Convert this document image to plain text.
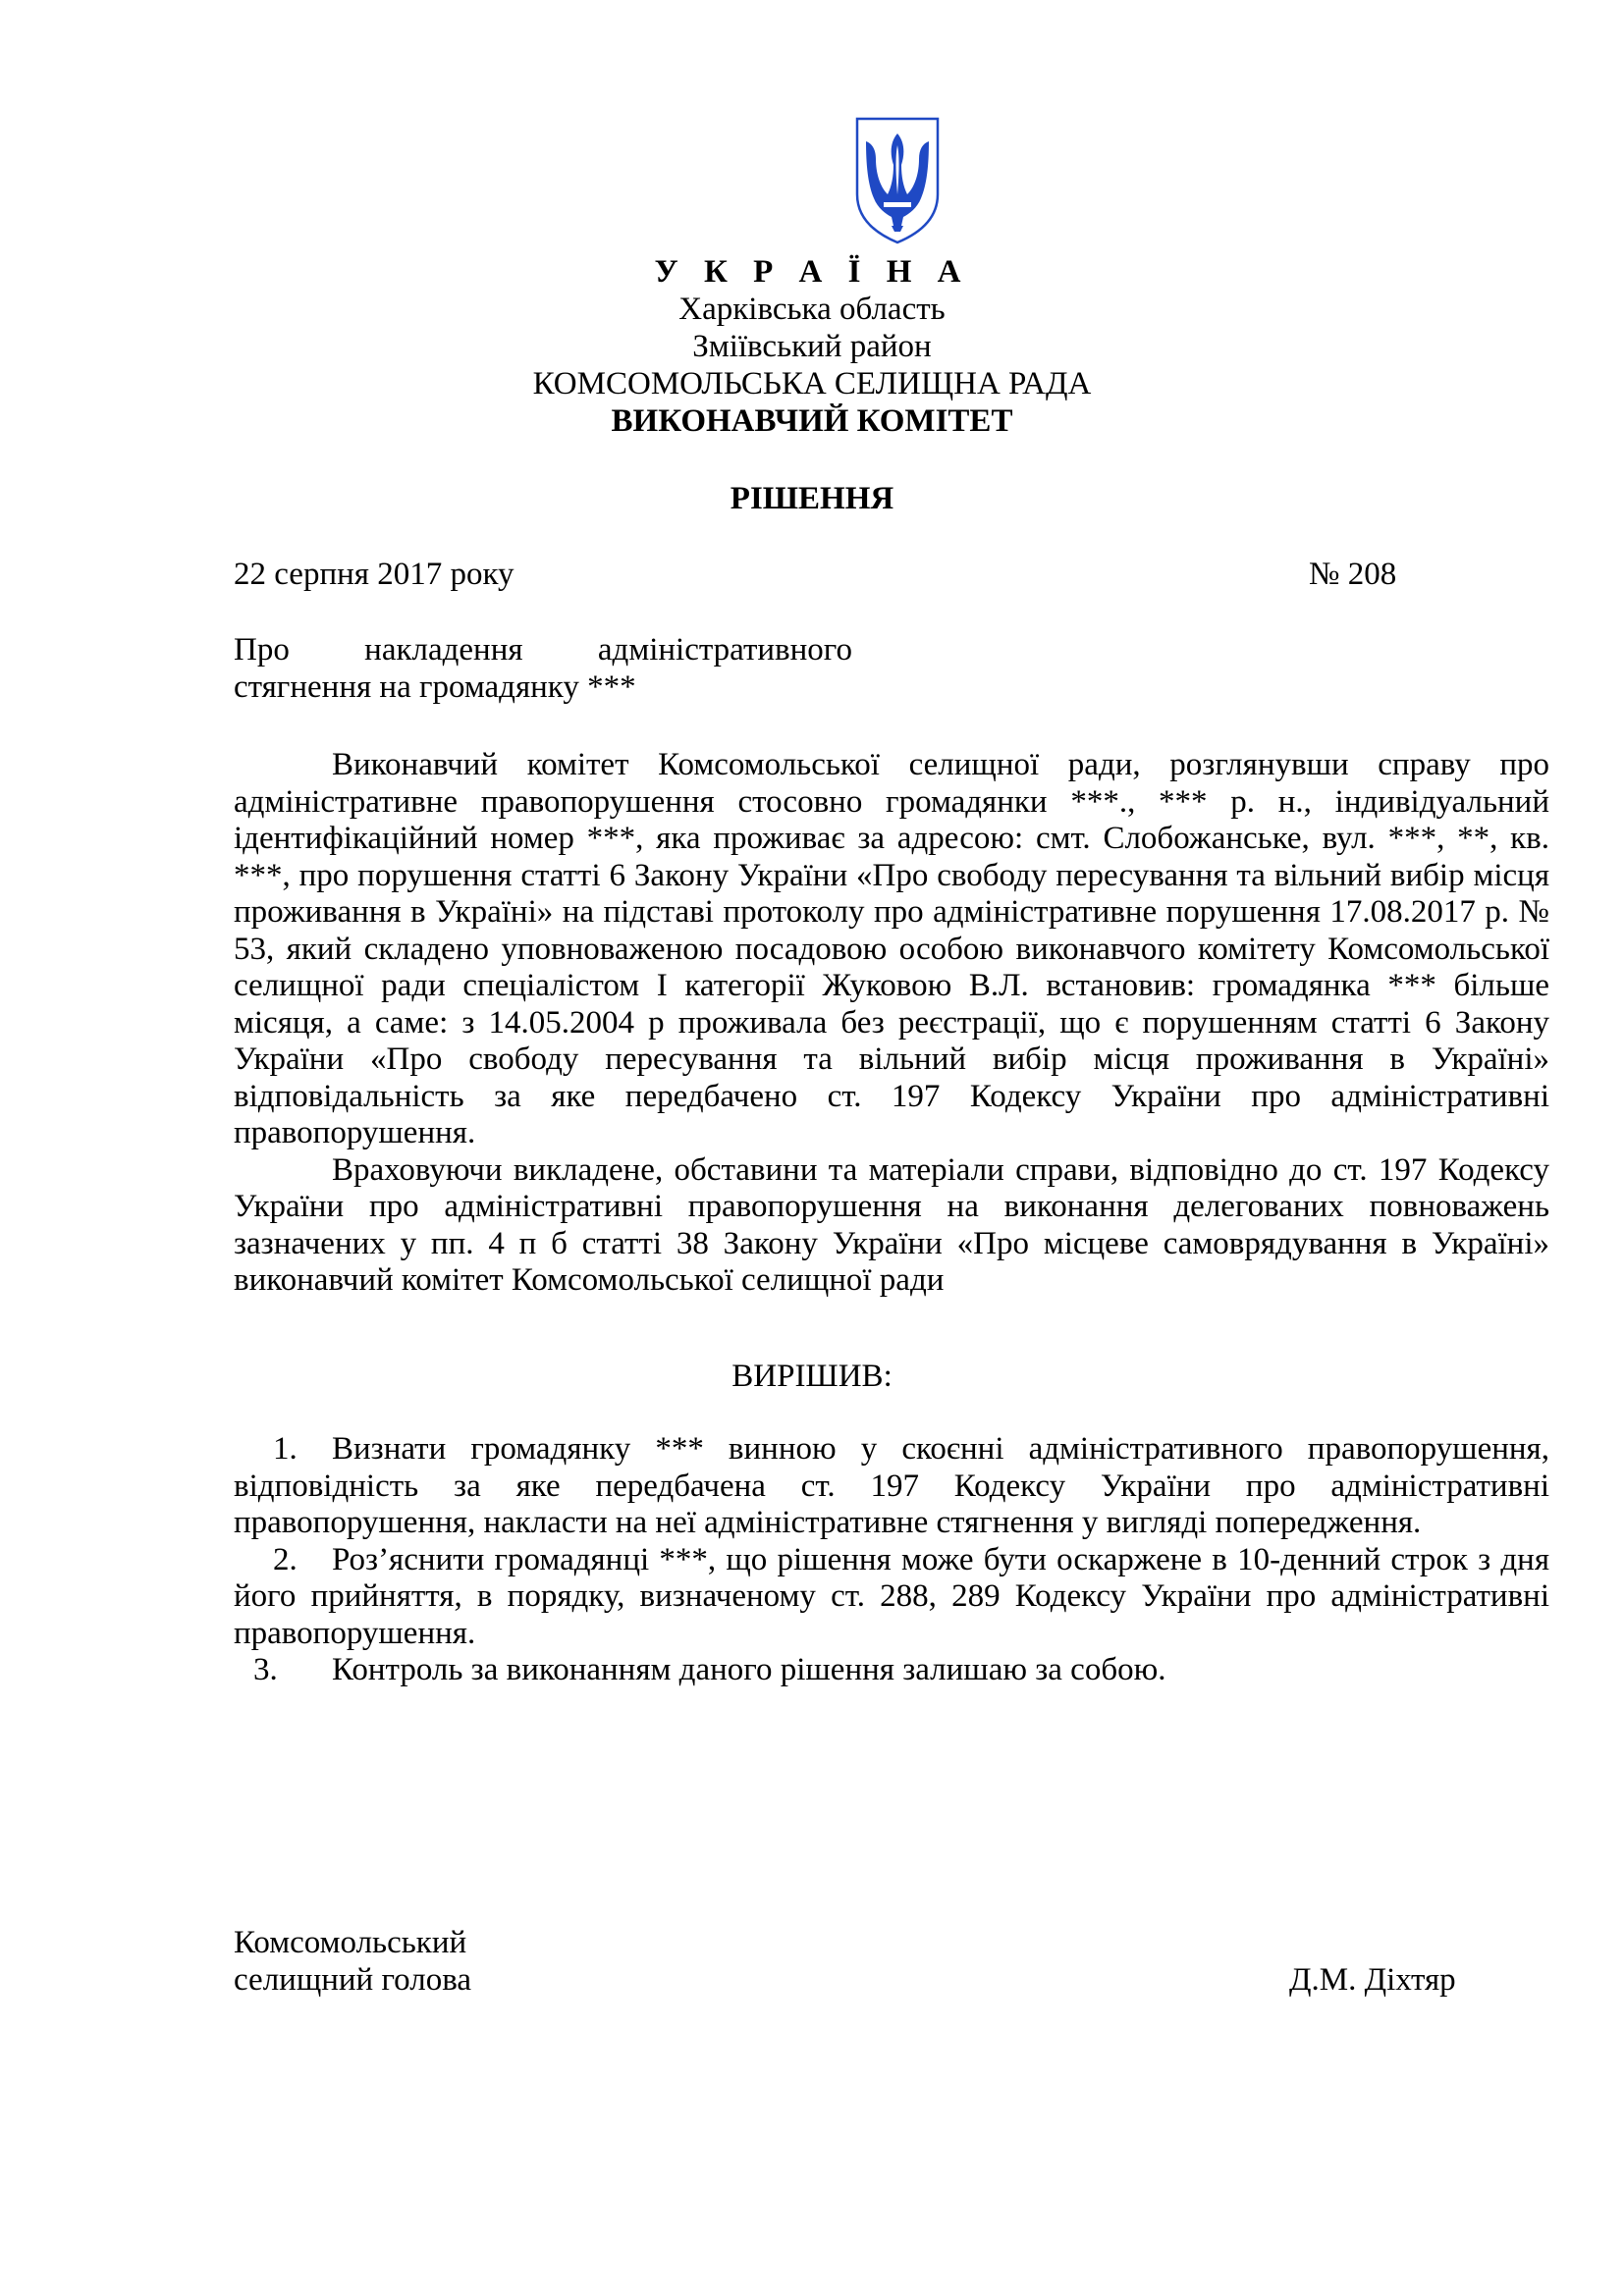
У К Р А Ї Н А
Харківська область
Зміївський район
КОМСОМОЛЬСЬКА СЕЛИЩНА РАДА
ВИКОНАВЧИЙ КОМІТЕТ
РІШЕННЯ
22 серпня 2017 року	№ 208
Про накладення адміністративного стягнення на громадянку ***

Виконавчий комітет Комсомольської селищної ради, розглянувши справу про адміністративне правопорушення стосовно громадянки ***., *** р. н., індивідуальний ідентифікаційний номер ***, яка проживає за адресою: смт. Слобожанське, вул. ***, **, кв. ***, про порушення статті 6 Закону України «Про свободу пересування та вільний вибір місця проживання в Україні» на підставі протоколу про адміністративне порушення 17.08.2017 р. № 53, який складено уповноваженою посадовою особою виконавчого комітету Комсомольської селищної ради спеціалістом І категорії Жуковою В.Л. встановив: громадянка *** більше місяця, а саме: з 14.05.2004 р проживала без реєстрації, що є порушенням статті 6 Закону України «Про свободу пересування та вільний вибір місця проживання в Україні» відповідальність за яке передбачено ст. 197 Кодексу України про адміністративні правопорушення.

Враховуючи викладене, обставини та матеріали справи, відповідно до ст. 197 Кодексу України про адміністративні правопорушення на виконання делегованих повноважень зазначених у пп. 4 п б статті 38 Закону України «Про місцеве самоврядування в Україні» виконавчий комітет Комсомольської селищної ради

ВИРІШИВ:

1. Визнати громадянку *** винною у скоєнні адміністративного правопорушення, відповідність за яке передбачена ст. 197 Кодексу України про адміністративні правопорушення, накласти на неї адміністративне стягнення у вигляді попередження.

2. Роз’яснити громадянці ***, що рішення може бути оскаржене в 10-денний строк з дня його прийняття, в порядку, визначеному ст. 288, 289 Кодексу України про адміністративні правопорушення.

3. Контроль за виконанням даного рішення залишаю за собою.

Комсомольський
селищний голова	Д.М. Діхтяр
